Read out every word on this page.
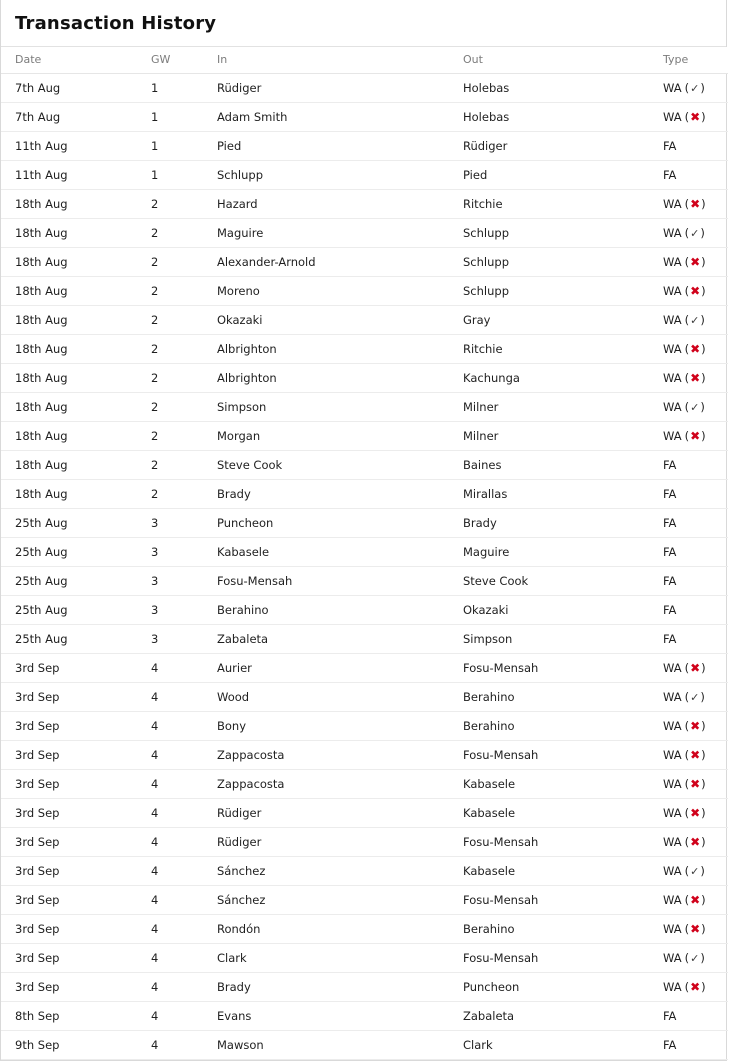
Transaction History
Date	GW	In	Out	Type
7th Aug	1	Rüdiger	Holebas	WA ( ✓ )

7th Aug	1	Adam Smith	Holebas	WA ( ✖ )

11th Aug	1	Pied	Rüdiger	FA

11th Aug	1	Schlupp	Pied	FA

18th Aug	2	Hazard	Ritchie	WA ( ✖ )

18th Aug	2	Maguire	Schlupp	WA ( ✓ )

18th Aug	2	Alexander-Arnold	Schlupp	WA ( ✖ )

18th Aug	2	Moreno	Schlupp	WA ( ✖ )

18th Aug	2	Okazaki	Gray	WA ( ✓ )

18th Aug	2	Albrighton	Ritchie	WA ( ✖ )

18th Aug	2	Albrighton	Kachunga	WA ( ✖ )

18th Aug	2	Simpson	Milner	WA ( ✓ )

18th Aug	2	Morgan	Milner	WA ( ✖ )

18th Aug	2	Steve Cook	Baines	FA

18th Aug	2	Brady	Mirallas	FA

25th Aug	3	Puncheon	Brady	FA

25th Aug	3	Kabasele	Maguire	FA

25th Aug	3	Fosu-Mensah	Steve Cook	FA

25th Aug	3	Berahino	Okazaki	FA

25th Aug	3	Zabaleta	Simpson	FA

3rd Sep	4	Aurier	Fosu-Mensah	WA ( ✖ )

3rd Sep	4	Wood	Berahino	WA ( ✓ )

3rd Sep	4	Bony	Berahino	WA ( ✖ )

3rd Sep	4	Zappacosta	Fosu-Mensah	WA ( ✖ )

3rd Sep	4	Zappacosta	Kabasele	WA ( ✖ )

3rd Sep	4	Rüdiger	Kabasele	WA ( ✖ )

3rd Sep	4	Rüdiger	Fosu-Mensah	WA ( ✖ )

3rd Sep	4	Sánchez	Kabasele	WA ( ✓ )

3rd Sep	4	Sánchez	Fosu-Mensah	WA ( ✖ )

3rd Sep	4	Rondón	Berahino	WA ( ✖ )

3rd Sep	4	Clark	Fosu-Mensah	WA ( ✓ )

3rd Sep	4	Brady	Puncheon	WA ( ✖ )

8th Sep	4	Evans	Zabaleta	FA

9th Sep	4	Mawson	Clark	FA
